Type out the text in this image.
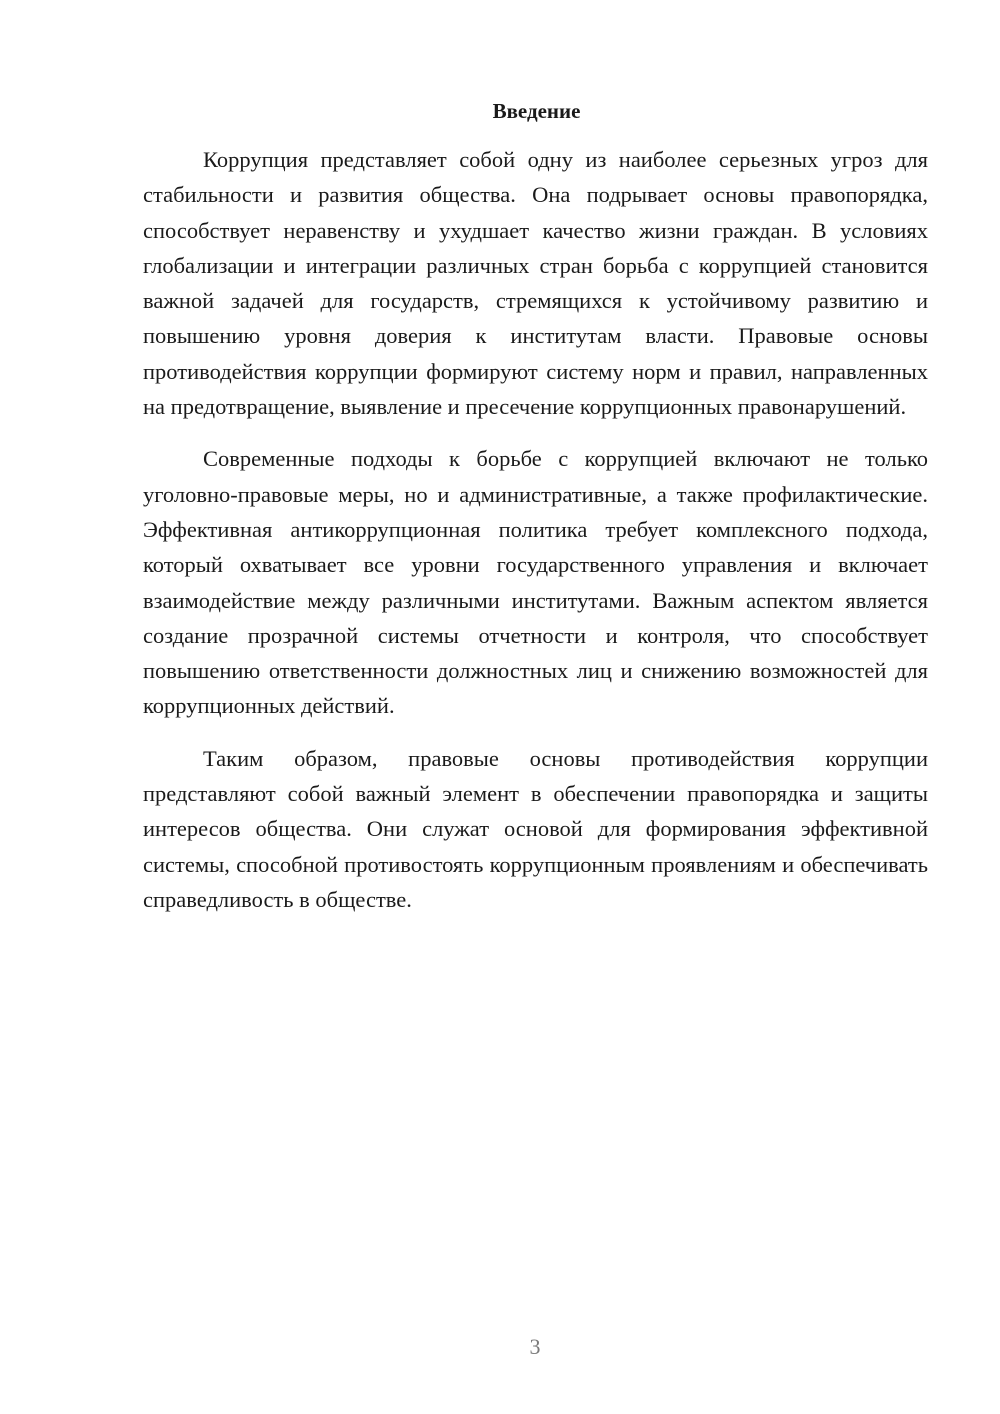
Введение

Коррупция представляет собой одну из наиболее серьезных угроз для стабильности и развития общества. Она подрывает основы правопорядка, способствует неравенству и ухудшает качество жизни граждан. В условиях глобализации и интеграции различных стран борьба с коррупцией становится важной задачей для государств, стремящихся к устойчивому развитию и повышению уровня доверия к институтам власти. Правовые основы противодействия коррупции формируют систему норм и правил, направленных на предотвращение, выявление и пресечение коррупционных правонарушений.

Современные подходы к борьбе с коррупцией включают не только уголовно-правовые меры, но и административные, а также профилактические. Эффективная антикоррупционная политика требует комплексного подхода, который охватывает все уровни государственного управления и включает взаимодействие между различными институтами. Важным аспектом является создание прозрачной системы отчетности и контроля, что способствует повышению ответственности должностных лиц и снижению возможностей для коррупционных действий.

Таким образом, правовые основы противодействия коррупции представляют собой важный элемент в обеспечении правопорядка и защиты интересов общества. Они служат основой для формирования эффективной системы, способной противостоять коррупционным проявлениям и обеспечивать справедливость в обществе.

3
